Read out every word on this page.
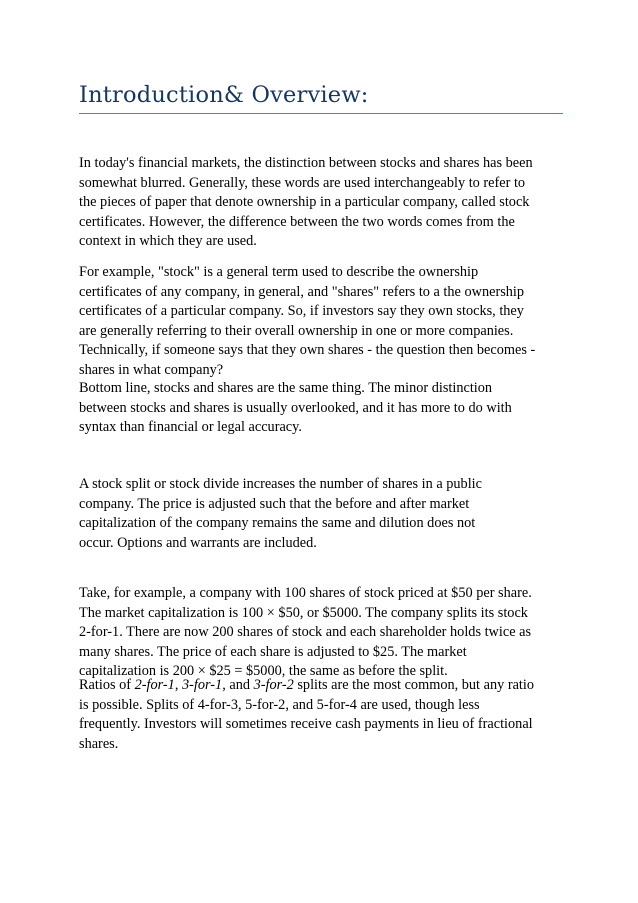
Introduction& Overview:

In today's financial markets, the distinction between stocks and shares has been
somewhat blurred. Generally, these words are used interchangeably to refer to
the pieces of paper that denote ownership in a particular company, called stock
certificates. However, the difference between the two words comes from the
context in which they are used.

For example, "stock" is a general term used to describe the ownership
certificates of any company, in general, and "shares" refers to a the ownership
certificates of a particular company. So, if investors say they own stocks, they
are generally referring to their overall ownership in one or more companies.
Technically, if someone says that they own shares - the question then becomes -
shares in what company?

Bottom line, stocks and shares are the same thing. The minor distinction
between stocks and shares is usually overlooked, and it has more to do with
syntax than financial or legal accuracy.

A stock split or stock divide increases the number of shares in a public
company. The price is adjusted such that the before and after market
capitalization of the company remains the same and dilution does not
occur. Options and warrants are included.

Take, for example, a company with 100 shares of stock priced at $50 per share.
The market capitalization is 100 × $50, or $5000. The company splits its stock
2-for-1. There are now 200 shares of stock and each shareholder holds twice as
many shares. The price of each share is adjusted to $25. The market
capitalization is 200 × $25 = $5000, the same as before the split.

Ratios of 2-for-1, 3-for-1, and 3-for-2 splits are the most common, but any ratio
is possible. Splits of 4-for-3, 5-for-2, and 5-for-4 are used, though less
frequently. Investors will sometimes receive cash payments in lieu of fractional
shares.
